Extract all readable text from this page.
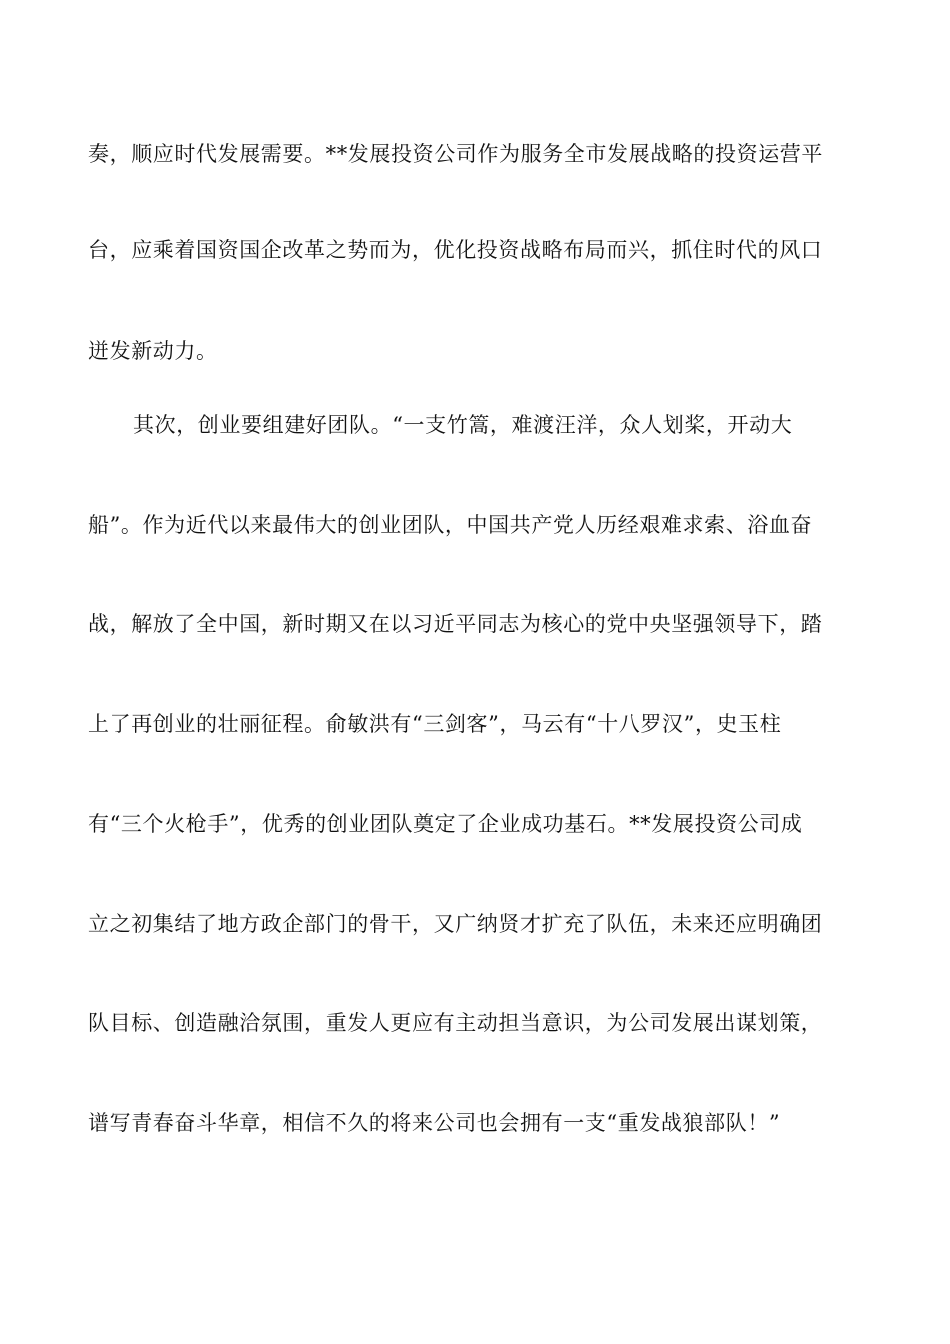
奏，顺应时代发展需要。**发展投资公司作为服务全市发展战略的投资运营平
台，应乘着国资国企改革之势而为，优化投资战略布局而兴，抓住时代的风口
迸发新动力。
其次，创业要组建好团队。“一支竹篙，难渡汪洋，众人划桨，开动大
船”。作为近代以来最伟大的创业团队，中国共产党人历经艰难求索、浴血奋
战，解放了全中国，新时期又在以习近平同志为核心的党中央坚强领导下，踏
上了再创业的壮丽征程。俞敏洪有“三剑客”，马云有“十八罗汉”，史玉柱
有“三个火枪手”，优秀的创业团队奠定了企业成功基石。**发展投资公司成
立之初集结了地方政企部门的骨干，又广纳贤才扩充了队伍，未来还应明确团
队目标、创造融洽氛围，重发人更应有主动担当意识，为公司发展出谋划策，
谱写青春奋斗华章，相信不久的将来公司也会拥有一支“重发战狼部队！”
